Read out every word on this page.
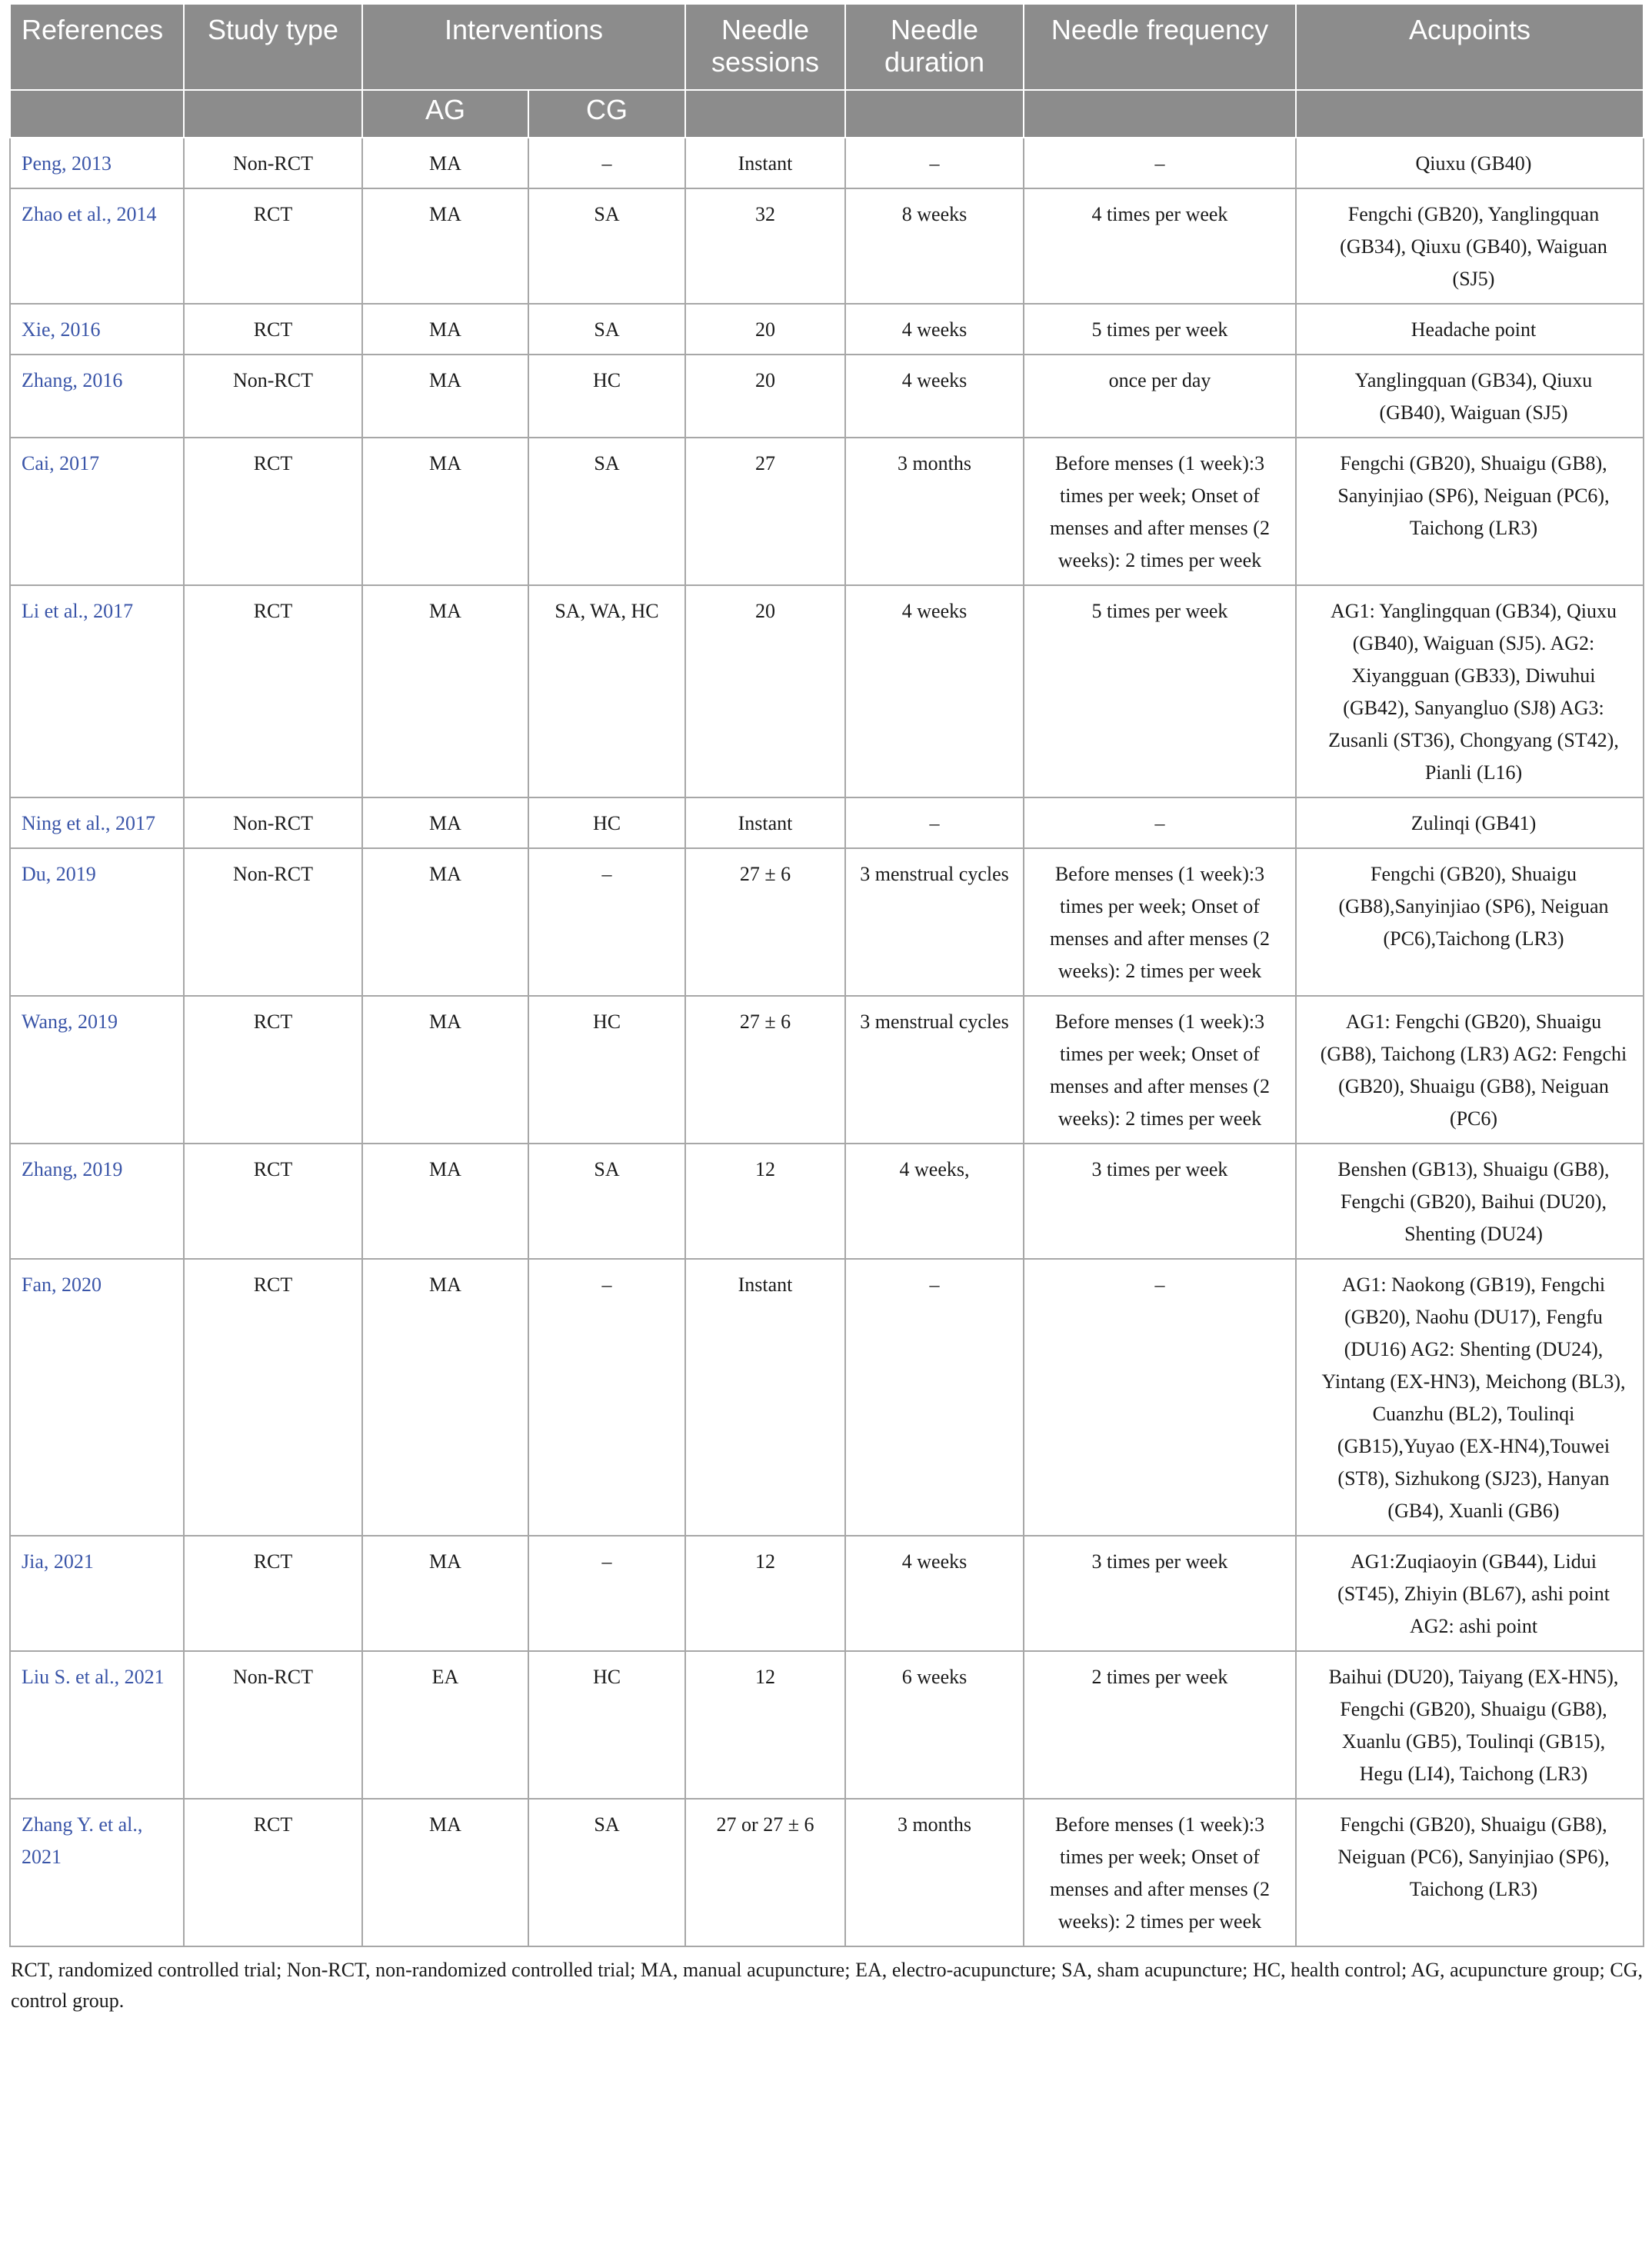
References	Study type	Interventions		Needle sessions	Needle duration	Needle frequency	Acupoints
		AG	CG				
Peng, 2013	Non-RCT	MA	–	Instant	–	–	Qiuxu (GB40)
Zhao et al., 2014	RCT	MA	SA	32	8 weeks	4 times per week	Fengchi (GB20), Yanglingquan (GB34), Qiuxu (GB40), Waiguan (SJ5)
Xie, 2016	RCT	MA	SA	20	4 weeks	5 times per week	Headache point
Zhang, 2016	Non-RCT	MA	HC	20	4 weeks	once per day	Yanglingquan (GB34), Qiuxu (GB40), Waiguan (SJ5)
Cai, 2017	RCT	MA	SA	27	3 months	Before menses (1 week):3 times per week; Onset of menses and after menses (2 weeks): 2 times per week	Fengchi (GB20), Shuaigu (GB8), Sanyinjiao (SP6), Neiguan (PC6), Taichong (LR3)
Li et al., 2017	RCT	MA	SA, WA, HC	20	4 weeks	5 times per week	AG1: Yanglingquan (GB34), Qiuxu (GB40), Waiguan (SJ5). AG2: Xiyangguan (GB33), Diwuhui (GB42), Sanyangluo (SJ8) AG3: Zusanli (ST36), Chongyang (ST42), Pianli (L16)
Ning et al., 2017	Non-RCT	MA	HC	Instant	–	–	Zulinqi (GB41)
Du, 2019	Non-RCT	MA	–	27 ± 6	3 menstrual cycles	Before menses (1 week):3 times per week; Onset of menses and after menses (2 weeks): 2 times per week	Fengchi (GB20), Shuaigu (GB8),Sanyinjiao (SP6), Neiguan (PC6),Taichong (LR3)
Wang, 2019	RCT	MA	HC	27 ± 6	3 menstrual cycles	Before menses (1 week):3 times per week; Onset of menses and after menses (2 weeks): 2 times per week	AG1: Fengchi (GB20), Shuaigu (GB8), Taichong (LR3) AG2: Fengchi (GB20), Shuaigu (GB8), Neiguan (PC6)
Zhang, 2019	RCT	MA	SA	12	4 weeks,	3 times per week	Benshen (GB13), Shuaigu (GB8), Fengchi (GB20), Baihui (DU20), Shenting (DU24)
Fan, 2020	RCT	MA	–	Instant	–	–	AG1: Naokong (GB19), Fengchi (GB20), Naohu (DU17), Fengfu (DU16) AG2: Shenting (DU24), Yintang (EX-HN3), Meichong (BL3), Cuanzhu (BL2), Toulinqi (GB15),Yuyao (EX-HN4),Touwei (ST8), Sizhukong (SJ23), Hanyan (GB4), Xuanli (GB6)
Jia, 2021	RCT	MA	–	12	4 weeks	3 times per week	AG1:Zuqiaoyin (GB44), Lidui (ST45), Zhiyin (BL67), ashi point AG2: ashi point
Liu S. et al., 2021	Non-RCT	EA	HC	12	6 weeks	2 times per week	Baihui (DU20), Taiyang (EX-HN5), Fengchi (GB20), Shuaigu (GB8), Xuanlu (GB5), Toulinqi (GB15), Hegu (LI4), Taichong (LR3)
Zhang Y. et al., 2021	RCT	MA	SA	27 or 27 ± 6	3 months	Before menses (1 week):3 times per week; Onset of menses and after menses (2 weeks): 2 times per week	Fengchi (GB20), Shuaigu (GB8), Neiguan (PC6), Sanyinjiao (SP6), Taichong (LR3)
RCT, randomized controlled trial; Non-RCT, non-randomized controlled trial; MA, manual acupuncture; EA, electro-acupuncture; SA, sham acupuncture; HC, health control; AG, acupuncture group; CG, control group.
